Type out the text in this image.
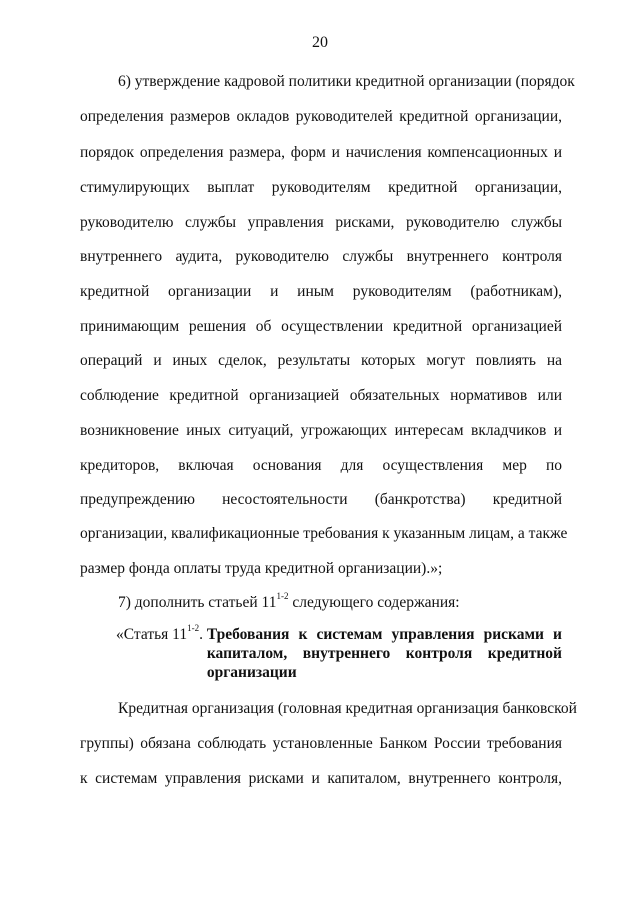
20
6) утверждение кадровой политики кредитной организации (порядок
определения размеров окладов руководителей кредитной организации,
порядок определения размера, форм и начисления компенсационных и
стимулирующих выплат руководителям кредитной организации,
руководителю службы управления рисками, руководителю службы
внутреннего аудита, руководителю службы внутреннего контроля
кредитной организации и иным руководителям (работникам),
принимающим решения об осуществлении кредитной организацией
операций и иных сделок, результаты которых могут повлиять на
соблюдение кредитной организацией обязательных нормативов или
возникновение иных ситуаций, угрожающих интересам вкладчиков и
кредиторов, включая основания для осуществления мер по
предупреждению несостоятельности (банкротства) кредитной
организации, квалификационные требования к указанным лицам, а также
размер фонда оплаты труда кредитной организации).»;
7) дополнить статьей 11$^{1-2}$ следующего содержания:
«Статья 11$^{1-2}$. Требования к системам управления рисками и
капиталом, внутреннего контроля кредитной
организации
Кредитная организация (головная кредитная организация банковской
группы) обязана соблюдать установленные Банком России требования
к системам управления рисками и капиталом, внутреннего контроля,
